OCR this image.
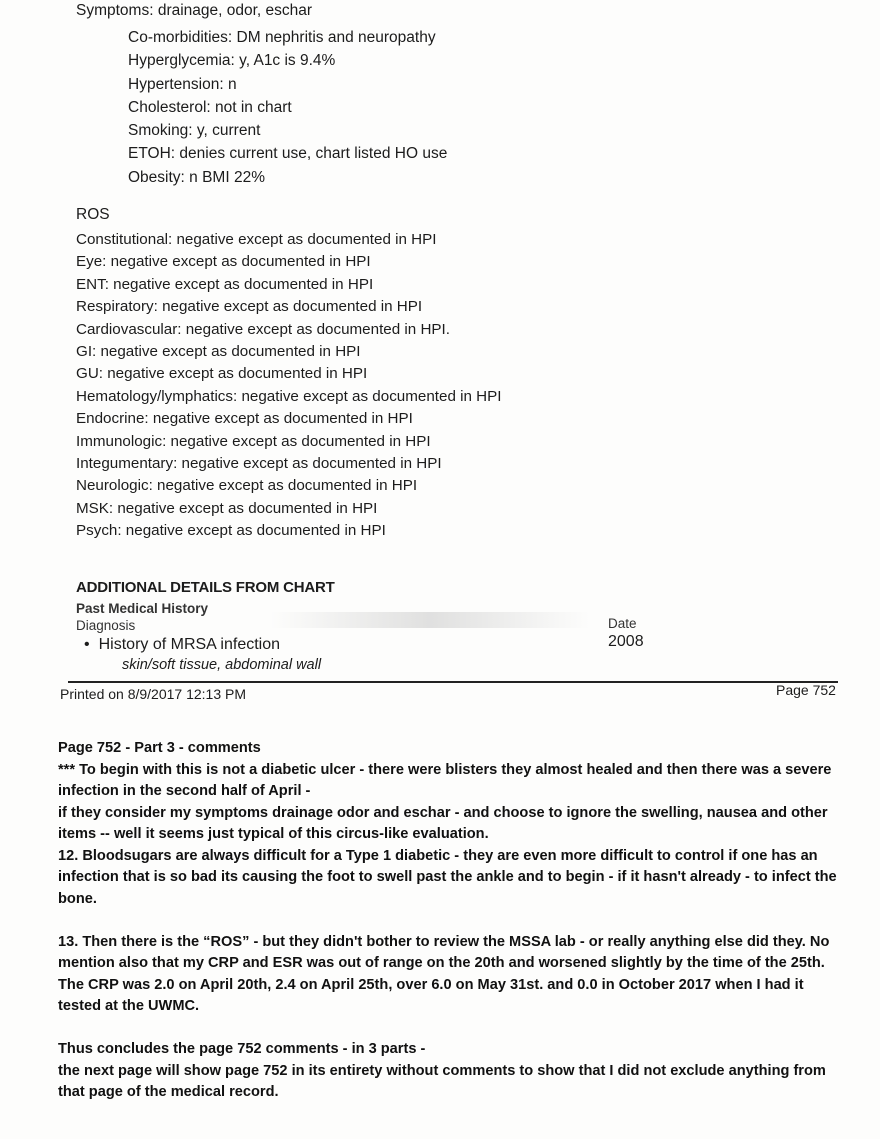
Symptoms: drainage, odor, eschar
Co-morbidities: DM nephritis and neuropathy
Hyperglycemia: y, A1c is 9.4%
Hypertension: n
Cholesterol: not in chart
Smoking: y, current
ETOH: denies current use, chart listed HO use
Obesity: n BMI 22%
ROS
Constitutional: negative except as documented in HPI
Eye: negative except as documented in HPI
ENT: negative except as documented in HPI
Respiratory: negative except as documented in HPI
Cardiovascular: negative except as documented in HPI.
GI: negative except as documented in HPI
GU: negative except as documented in HPI
Hematology/lymphatics: negative except as documented in HPI
Endocrine: negative except as documented in HPI
Immunologic: negative except as documented in HPI
Integumentary: negative except as documented in HPI
Neurologic: negative except as documented in HPI
MSK: negative except as documented in HPI
Psych: negative except as documented in HPI
ADDITIONAL DETAILS FROM CHART
Past Medical History
Diagnosis	Date
• History of MRSA infection	2008
skin/soft tissue, abdominal wall
Printed on 8/9/2017 12:13 PM	Page 752

Page 752 - Part 3 - comments

*** To begin with this is not a diabetic ulcer - there were blisters they almost healed and then there was a severe infection in the second half of April -

if they consider my symptoms drainage odor and eschar - and choose to ignore the swelling, nausea and other items -- well it seems just typical of this circus-like evaluation.

12. Bloodsugars are always difficult for a Type 1 diabetic - they are even more difficult to control if one has an infection that is so bad its causing the foot to swell past the ankle and to begin - if it hasn't already - to infect the bone.

13. Then there is the “ROS” - but they didn't bother to review the MSSA lab - or really anything else did they. No mention also that my CRP and ESR was out of range on the 20th and worsened slightly by the time of the 25th.

The CRP was 2.0 on April 20th, 2.4 on April 25th, over 6.0 on May 31st. and 0.0 in October 2017 when I had it tested at the UWMC.

Thus concludes the page 752 comments - in 3 parts -

the next page will show page 752 in its entirety without comments to show that I did not exclude anything from that page of the medical record.
